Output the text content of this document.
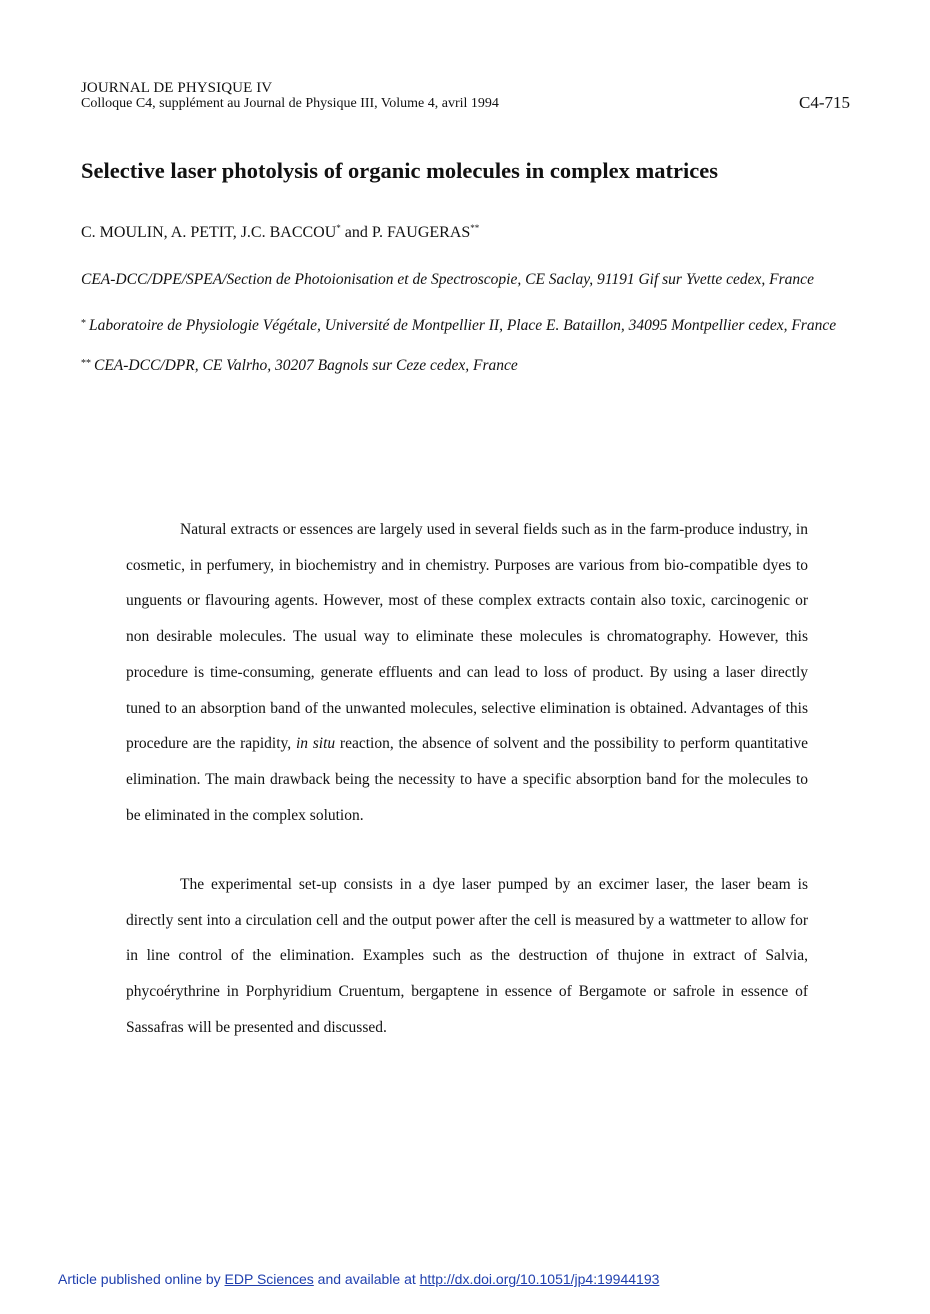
JOURNAL DE PHYSIQUE IV
Colloque C4, supplément au Journal de Physique III, Volume 4, avril 1994	C4-715
Selective laser photolysis of organic molecules in complex matrices
C. MOULIN, A. PETIT, J.C. BACCOU* and P. FAUGERAS**
CEA-DCC/DPE/SPEA/Section de Photoionisation et de Spectroscopie, CE Saclay, 91191 Gif sur Yvette cedex, France
* Laboratoire de Physiologie Végétale, Université de Montpellier II, Place E. Bataillon, 34095 Montpellier cedex, France
** CEA-DCC/DPR, CE Valrho, 30207 Bagnols sur Ceze cedex, France

Natural extracts or essences are largely used in several fields such as in the farm-produce industry, in cosmetic, in perfumery, in biochemistry and in chemistry. Purposes are various from bio-compatible dyes to unguents or flavouring agents. However, most of these complex extracts contain also toxic, carcinogenic or non desirable molecules. The usual way to eliminate these molecules is chromatography. However, this procedure is time-consuming, generate effluents and can lead to loss of product. By using a laser directly tuned to an absorption band of the unwanted molecules, selective elimination is obtained. Advantages of this procedure are the rapidity, in situ reaction, the absence of solvent and the possibility to perform quantitative elimination. The main drawback being the necessity to have a specific absorption band for the molecules to be eliminated in the complex solution.

The experimental set-up consists in a dye laser pumped by an excimer laser, the laser beam is directly sent into a circulation cell and the output power after the cell is measured by a wattmeter to allow for in line control of the elimination. Examples such as the destruction of thujone in extract of Salvia, phycoérythrine in Porphyridium Cruentum, bergaptene in essence of Bergamote or safrole in essence of Sassafras will be presented and discussed.

Article published online by EDP Sciences and available at http://dx.doi.org/10.1051/jp4:19944193
